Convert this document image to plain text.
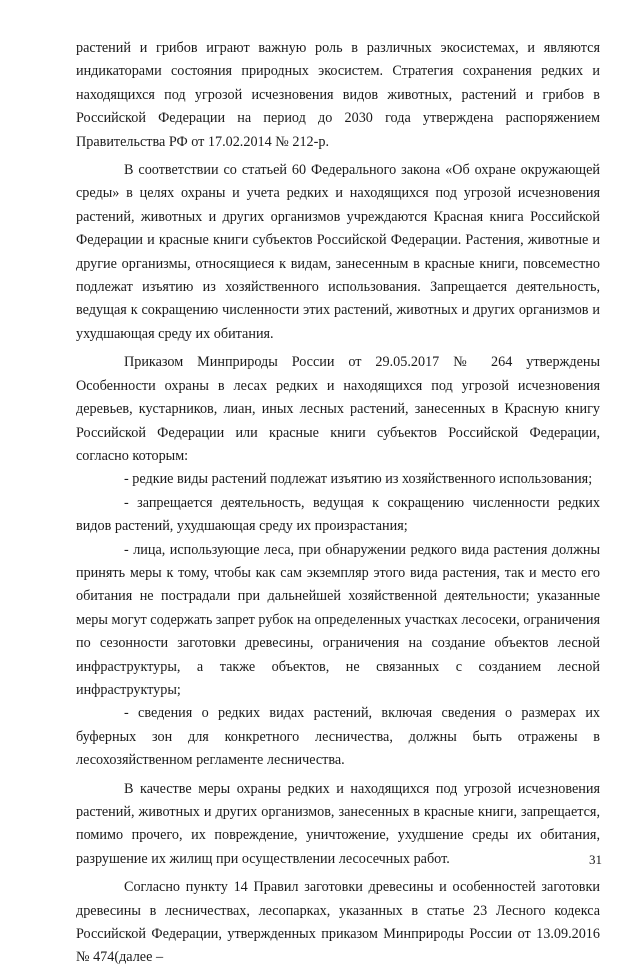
растений и грибов играют важную роль в различных экосистемах, и являются индикаторами состояния природных экосистем. Стратегия сохранения редких и находящихся под угрозой исчезновения видов животных, растений и грибов в Российской Федерации на период до 2030 года утверждена распоряжением Правительства РФ от 17.02.2014 № 212-р.

В соответствии со статьей 60 Федерального закона «Об охране окружающей среды» в целях охраны и учета редких и находящихся под угрозой исчезновения растений, животных и других организмов учреждаются Красная книга Российской Федерации и красные книги субъектов Российской Федерации. Растения, животные и другие организмы, относящиеся к видам, занесенным в красные книги, повсеместно подлежат изъятию из хозяйственного использования. Запрещается деятельность, ведущая к сокращению численности этих растений, животных и других организмов и ухудшающая среду их обитания.

Приказом Минприроды России от 29.05.2017 № 264 утверждены Особенности охраны в лесах редких и находящихся под угрозой исчезновения деревьев, кустарников, лиан, иных лесных растений, занесенных в Красную книгу Российской Федерации или красные книги субъектов Российской Федерации, согласно которым:

- редкие виды растений подлежат изъятию из хозяйственного использования;

- запрещается деятельность, ведущая к сокращению численности редких видов растений, ухудшающая среду их произрастания;

- лица, использующие леса, при обнаружении редкого вида растения должны принять меры к тому, чтобы как сам экземпляр этого вида растения, так и место его обитания не пострадали при дальнейшей хозяйственной деятельности; указанные меры могут содержать запрет рубок на определенных участках лесосеки, ограничения по сезонности заготовки древесины, ограничения на создание объектов лесной инфраструктуры, а также объектов, не связанных с созданием лесной инфраструктуры;

- сведения о редких видах растений, включая сведения о размерах их буферных зон для конкретного лесничества, должны быть отражены в лесохозяйственном регламенте лесничества.

В качестве меры охраны редких и находящихся под угрозой исчезновения растений, животных и других организмов, занесенных в красные книги, запрещается, помимо прочего, их повреждение, уничтожение, ухудшение среды их обитания, разрушение их жилищ при осуществлении лесосечных работ.

Согласно пункту 14 Правил заготовки древесины и особенностей заготовки древесины в лесничествах, лесопарках, указанных в статье 23 Лесного кодекса Российской Федерации, утвержденных приказом Минприроды России от 13.09.2016 № 474(далее –

31
